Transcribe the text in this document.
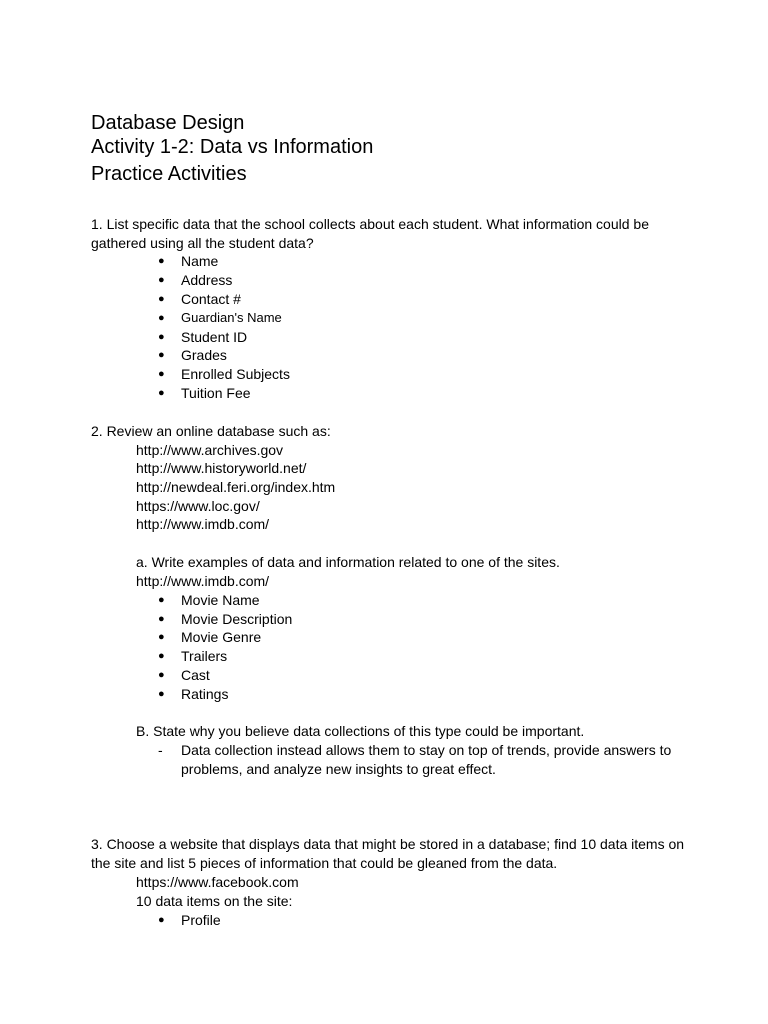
Database Design
Activity 1-2: Data vs Information
Practice Activities
1. List specific data that the school collects about each student. What information could be gathered using all the student data?
● Name
● Address
● Contact #
● Guardian's Name
● Student ID
● Grades
● Enrolled Subjects
● Tuition Fee
2. Review an online database such as:
http://www.archives.gov
http://www.historyworld.net/
http://newdeal.feri.org/index.htm
https://www.loc.gov/
http://www.imdb.com/
a. Write examples of data and information related to one of the sites.
http://www.imdb.com/
● Movie Name
● Movie Description
● Movie Genre
● Trailers
● Cast
● Ratings
B. State why you believe data collections of this type could be important.
- Data collection instead allows them to stay on top of trends, provide answers to problems, and analyze new insights to great effect.
3. Choose a website that displays data that might be stored in a database; find 10 data items on the site and list 5 pieces of information that could be gleaned from the data.
https://www.facebook.com
10 data items on the site:
● Profile
